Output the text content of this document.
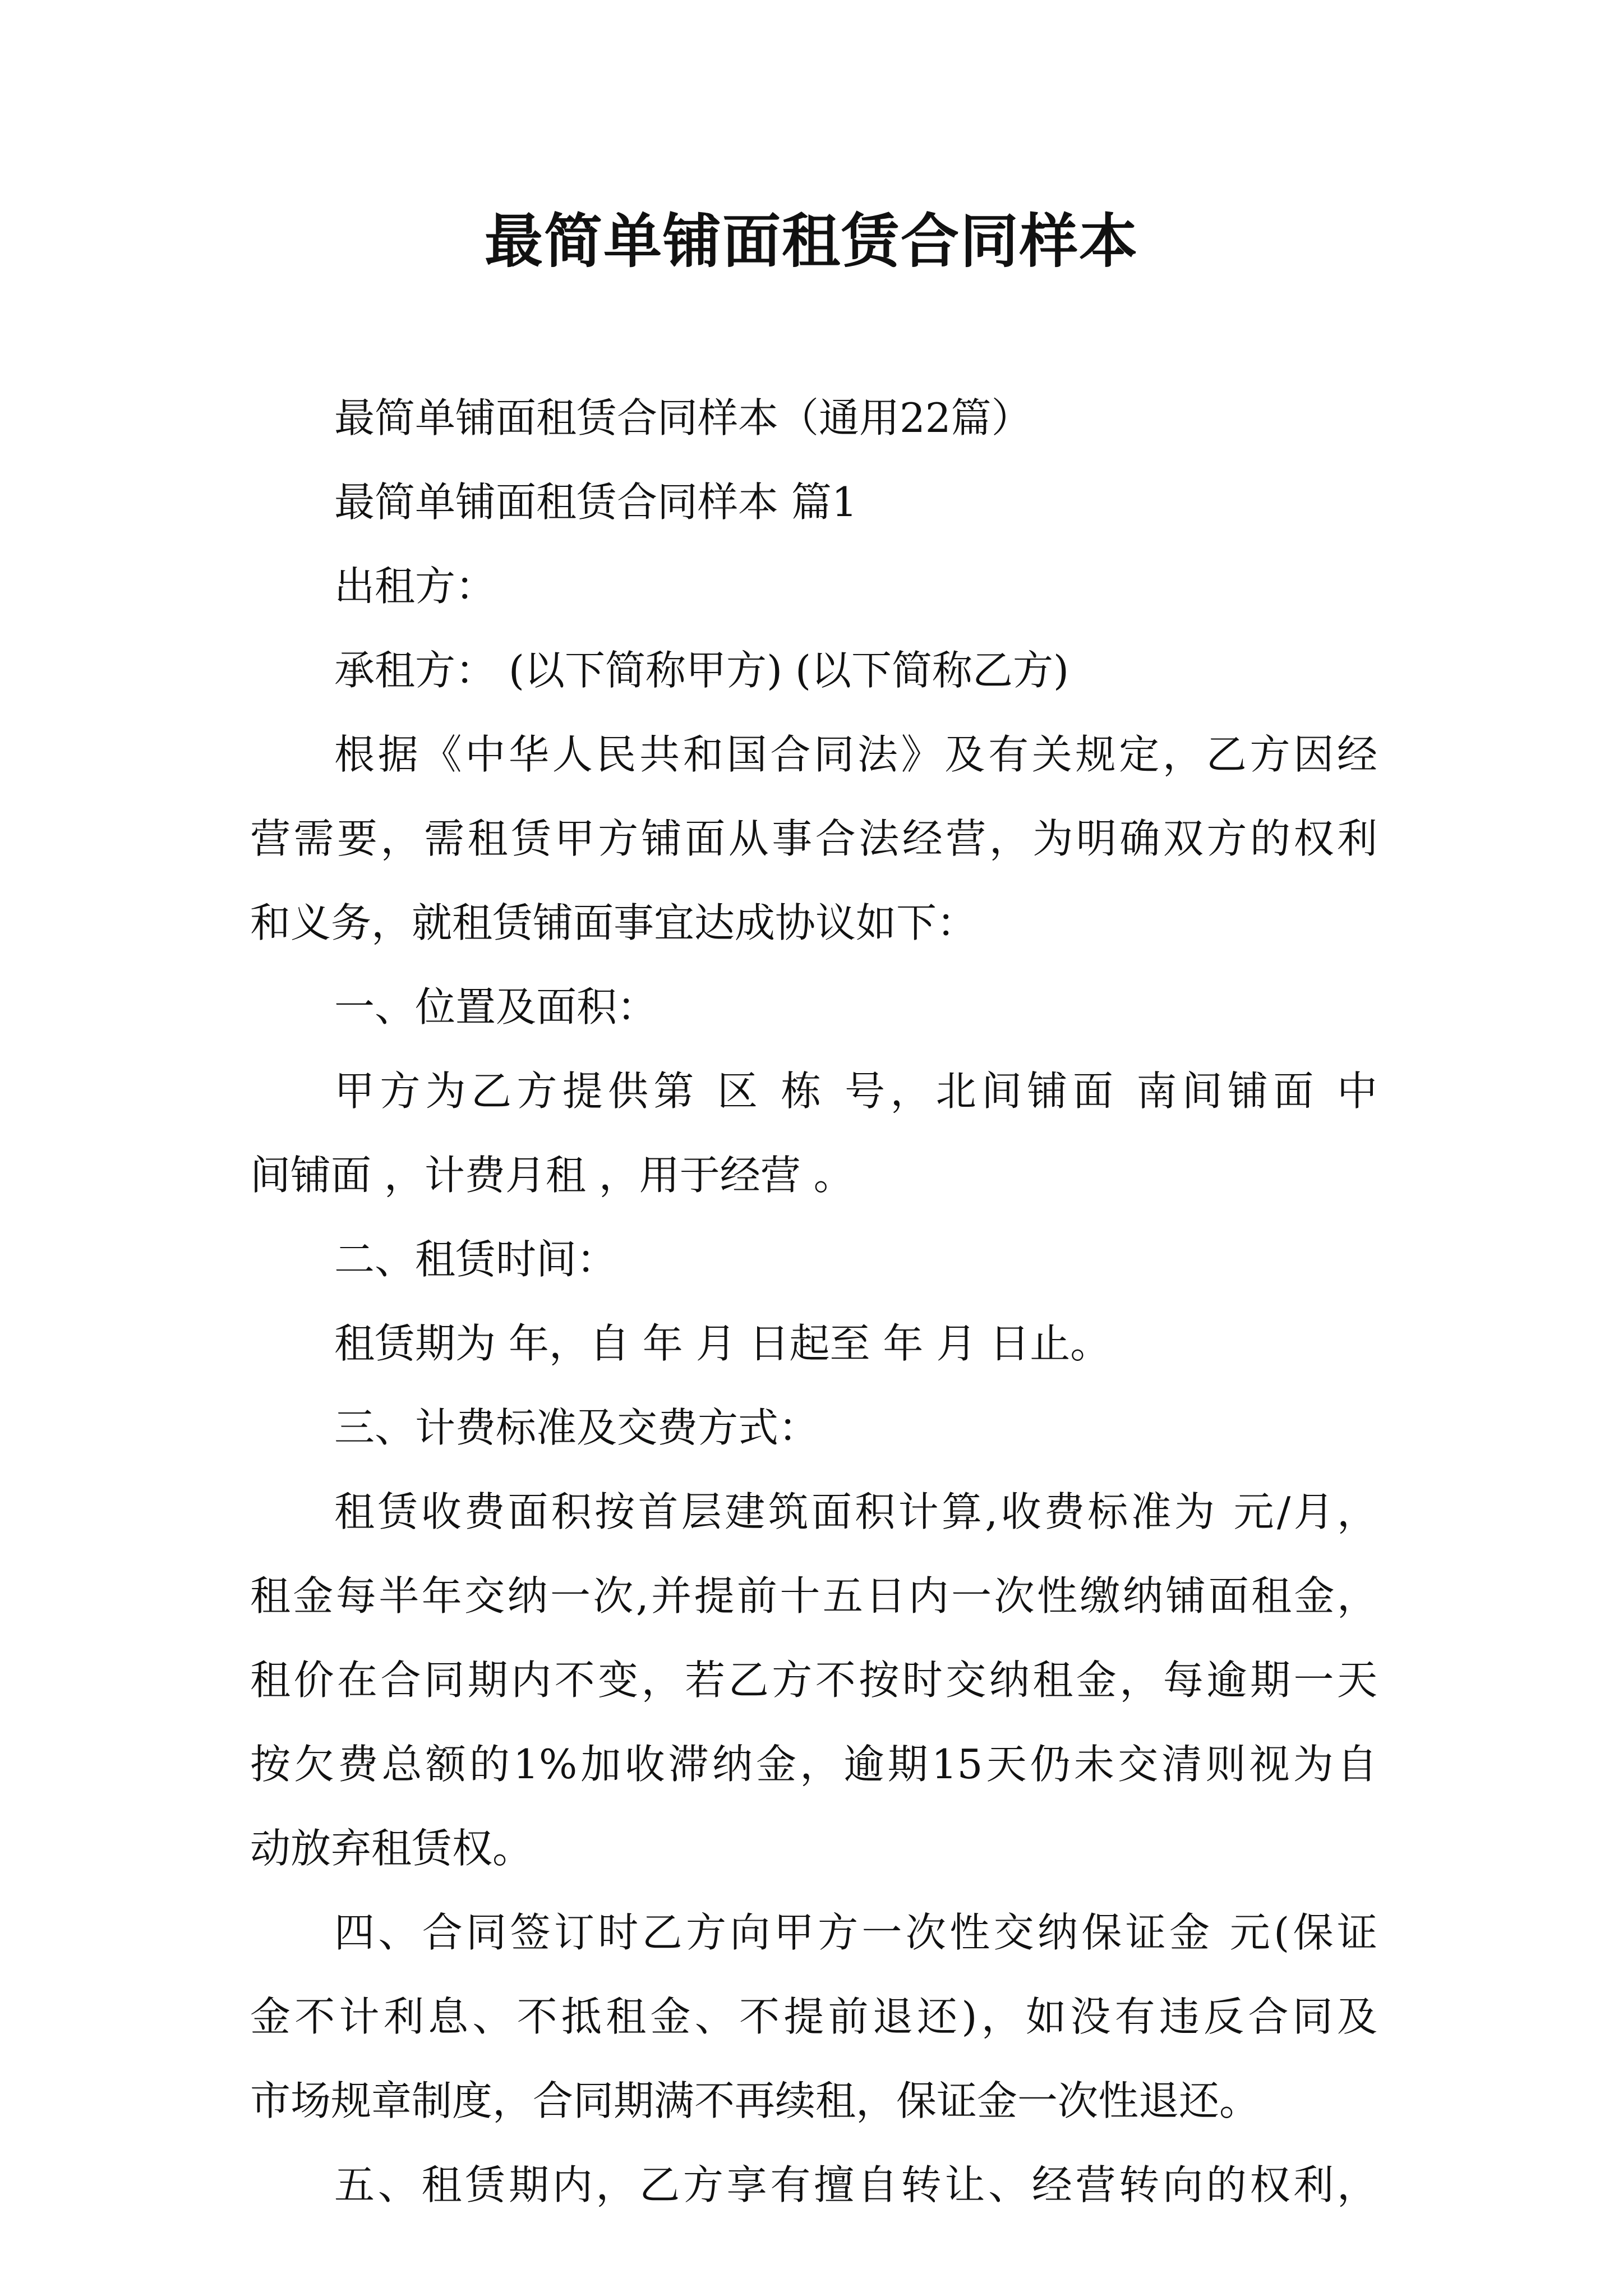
最简单铺面租赁合同样本
最简单铺面租赁合同样本（通用22篇）
最简单铺面租赁合同样本 篇1
出租方：
承租方： (以下简称甲方) (以下简称乙方)
根据《中华人民共和国合同法》及有关规定，乙方因经
营需要，需租赁甲方铺面从事合法经营，为明确双方的权利
和义务，就租赁铺面事宜达成协议如下：
一、位置及面积：
甲方为乙方提供第 区 栋 号，北间铺面 南间铺面 中
间铺面 ，计费月租 ，用于经营 。
二、租赁时间：
租赁期为 年，自 年 月 日起至 年 月 日止。
三、计费标准及交费方式：
租赁收费面积按首层建筑面积计算,收费标准为 元/月，
租金每半年交纳一次,并提前十五日内一次性缴纳铺面租金，
租价在合同期内不变，若乙方不按时交纳租金，每逾期一天
按欠费总额的1%加收滞纳金，逾期15天仍未交清则视为自
动放弃租赁权。
四、合同签订时乙方向甲方一次性交纳保证金 元(保证
金不计利息、不抵租金、不提前退还)，如没有违反合同及
市场规章制度，合同期满不再续租，保证金一次性退还。
五、租赁期内，乙方享有擅自转让、经营转向的权利，
